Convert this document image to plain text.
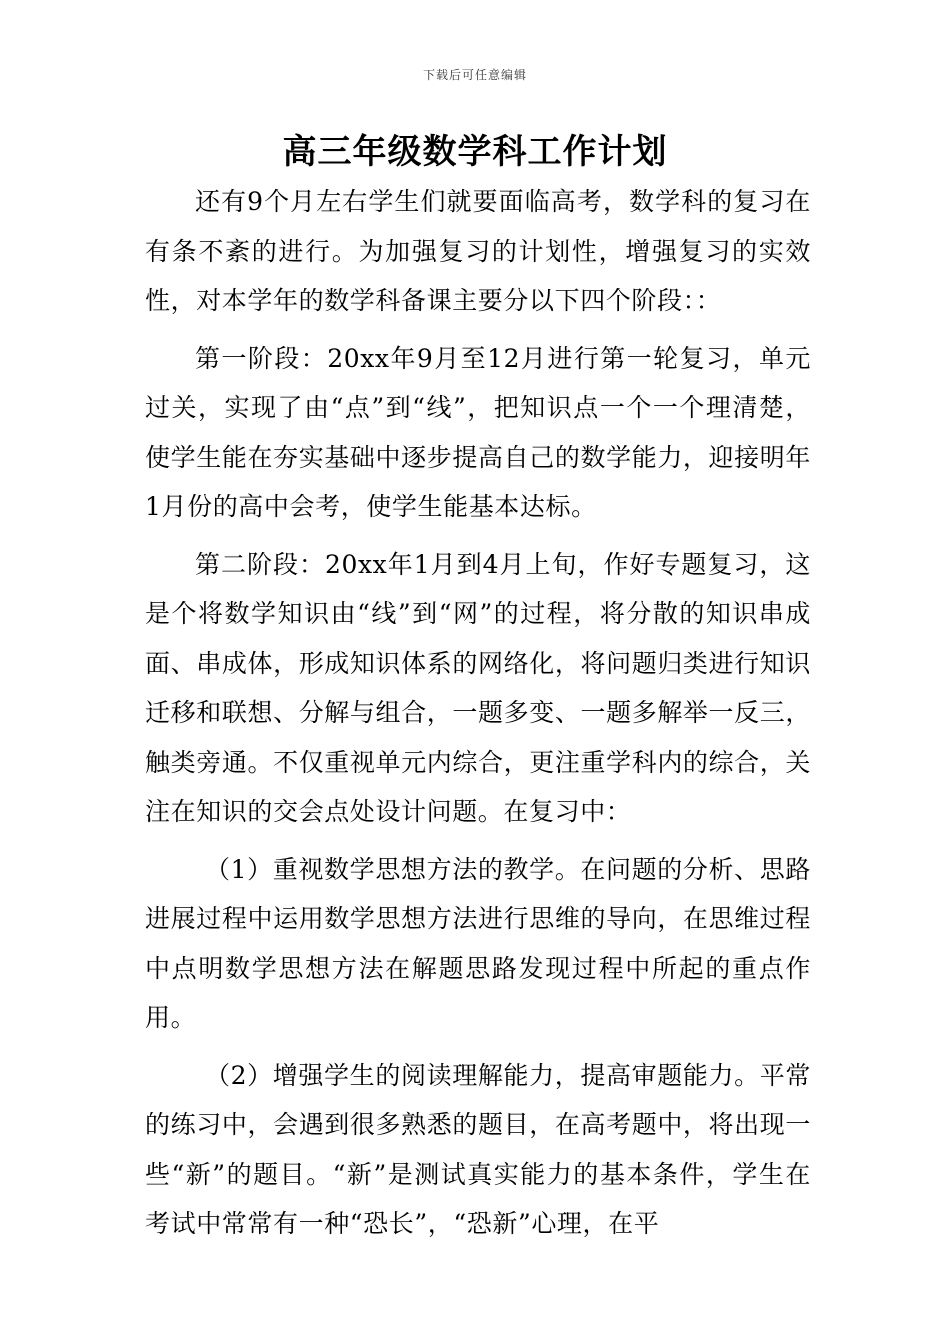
下载后可任意编辑
高三年级数学科工作计划

还有9个月左右学生们就要面临高考，数学科的复习在有条不紊的进行。为加强复习的计划性，增强复习的实效性，对本学年的数学科备课主要分以下四个阶段：：

第一阶段：20xx年9月至12月进行第一轮复习，单元过关，实现了由“点”到“线”，把知识点一个一个理清楚，使学生能在夯实基础中逐步提高自己的数学能力，迎接明年1月份的高中会考，使学生能基本达标。

第二阶段：20xx年1月到4月上旬，作好专题复习，这是个将数学知识由“线”到“网”的过程，将分散的知识串成面、串成体，形成知识体系的网络化，将问题归类进行知识迁移和联想、分解与组合，一题多变、一题多解举一反三，触类旁通。不仅重视单元内综合，更注重学科内的综合，关注在知识的交会点处设计问题。在复习中：

（1）重视数学思想方法的教学。在问题的分析、思路进展过程中运用数学思想方法进行思维的导向，在思维过程中点明数学思想方法在解题思路发现过程中所起的重点作用。

（2）增强学生的阅读理解能力，提高审题能力。平常的练习中，会遇到很多熟悉的题目，在高考题中，将出现一些“新”的题目。“新”是测试真实能力的基本条件，学生在考试中常常有一种“恐长”，“恐新”心理，在平
